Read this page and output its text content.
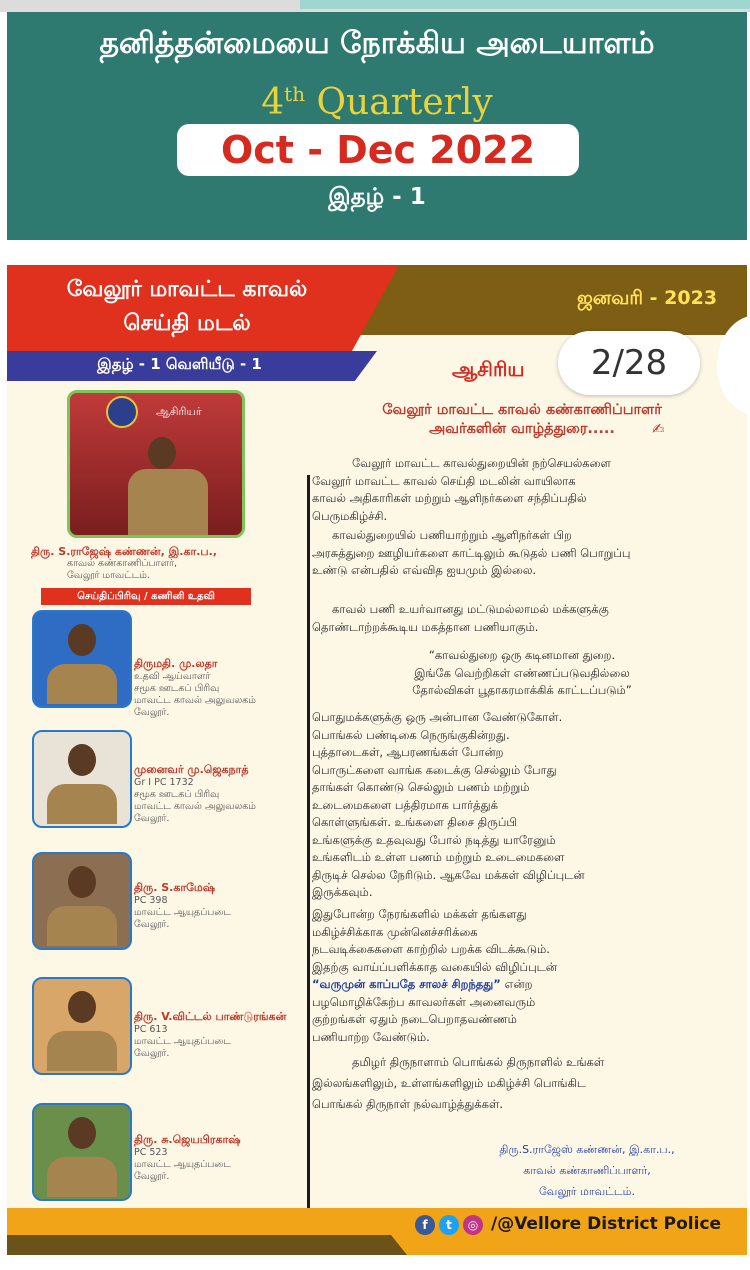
தனித்தன்மையை நோக்கிய அடையாளம்
4th Quarterly
Oct - Dec 2022
இதழ் - 1
வேலூர் மாவட்ட காவல்
செய்தி மடல்
ஜனவரி - 2023
இதழ் - 1 வெளியீடு - 1	ஆசிரிய	2/28
ஆசிரியர்
திரு. S.ராஜேஷ் கண்ணன், இ.கா.ப.,
காவல் கண்காணிப்பாளர்,
வேலூர் மாவட்டம்.
செய்திப்பிரிவு / கணினி உதவி
திருமதி. மு.லதா
உதவி ஆய்வாளர்
சமூக ஊடகப் பிரிவு
மாவட்ட காவல் அலுவலகம்
வேலூர்.
முனைவர் மு.ஜெகநாத்
Gr I PC 1732
சமூக ஊடகப் பிரிவு
மாவட்ட காவல் அலுவலகம்
வேலூர்.
திரு. S.காமேஷ்
PC 398
மாவட்ட ஆயுதப்படை
வேலூர்.
திரு. V.விட்டல் பாண்டுரங்கன்
PC 613
மாவட்ட ஆயுதப்படை
வேலூர்.
திரு. சு.ஜெயபிரகாஷ்
PC 523
மாவட்ட ஆயுதப்படை
வேலூர்.
வேலூர் மாவட்ட காவல் கண்காணிப்பாளர்
அவர்களின் வாழ்த்துரை.....	✍
வேலூர் மாவட்ட காவல்துறையின் நற்செயல்களை
வேலூர் மாவட்ட காவல் செய்தி மடலின் வாயிலாக
காவல் அதிகாரிகள் மற்றும் ஆளிநர்களை சந்திப்பதில்
பெருமகிழ்ச்சி.
காவல்துறையில் பணியாற்றும் ஆளிநர்கள் பிற
அரசுத்துறை ஊழியர்களை காட்டிலும் கூடுதல் பணி பொறுப்பு
உண்டு என்பதில் எவ்வித ஐயமும் இல்லை.
காவல் பணி உயர்வானது மட்டுமல்லாமல் மக்களுக்கு
தொண்டாற்றக்கூடிய மகத்தான பணியாகும்.
“காவல்துறை ஒரு கடினமான துறை.
இங்கே வெற்றிகள் எண்ணப்படுவதில்லை
தோல்விகள் பூதாகரமாக்கிக் காட்டப்படும்”
பொதுமக்களுக்கு ஒரு அன்பான வேண்டுகோள்.
பொங்கல் பண்டிகை நெருங்குகின்றது.
புத்தாடைகள், ஆபரணங்கள் போன்ற
பொருட்களை வாங்க கடைக்கு செல்லும் போது
தாங்கள் கொண்டு செல்லும் பணம் மற்றும்
உடைமைகளை பத்திரமாக பார்த்துக்
கொள்ளுங்கள். உங்களை திசை திருப்பி
உங்களுக்கு உதவுவது போல் நடித்து யாரேனும்
உங்களிடம் உள்ள பணம் மற்றும் உடைமைகளை
திருடிச் செல்ல நேரிடும். ஆகவே மக்கள் விழிப்புடன்
இருக்கவும்.
இதுபோன்ற நேரங்களில் மக்கள் தங்களது
மகிழ்ச்சிக்காக முன்னெச்சரிக்கை
நடவடிக்கைகளை காற்றில் பறக்க விடக்கூடும்.
இதற்கு வாய்ப்பளிக்காத வகையில் விழிப்புடன்
“வருமுன் காப்பதே சாலச் சிறந்தது” என்ற
பழமொழிக்கேற்ப காவலர்கள் அனைவரும்
குற்றங்கள் ஏதும் நடைபெறாதவண்ணம்
பணியாற்ற வேண்டும்.
தமிழர் திருநாளாம் பொங்கல் திருநாளில் உங்கள்
இல்லங்களிலும், உள்ளங்களிலும் மகிழ்ச்சி பொங்கிட
பொங்கல் திருநாள் நல்வாழ்த்துக்கள்.
திரு.S.ராஜேஸ் கண்ணன், இ.கா.ப.,
காவல் கண்காணிப்பாளர்,
வேலூர் மாவட்டம்.
f	t	◎ /@Vellore District Police
